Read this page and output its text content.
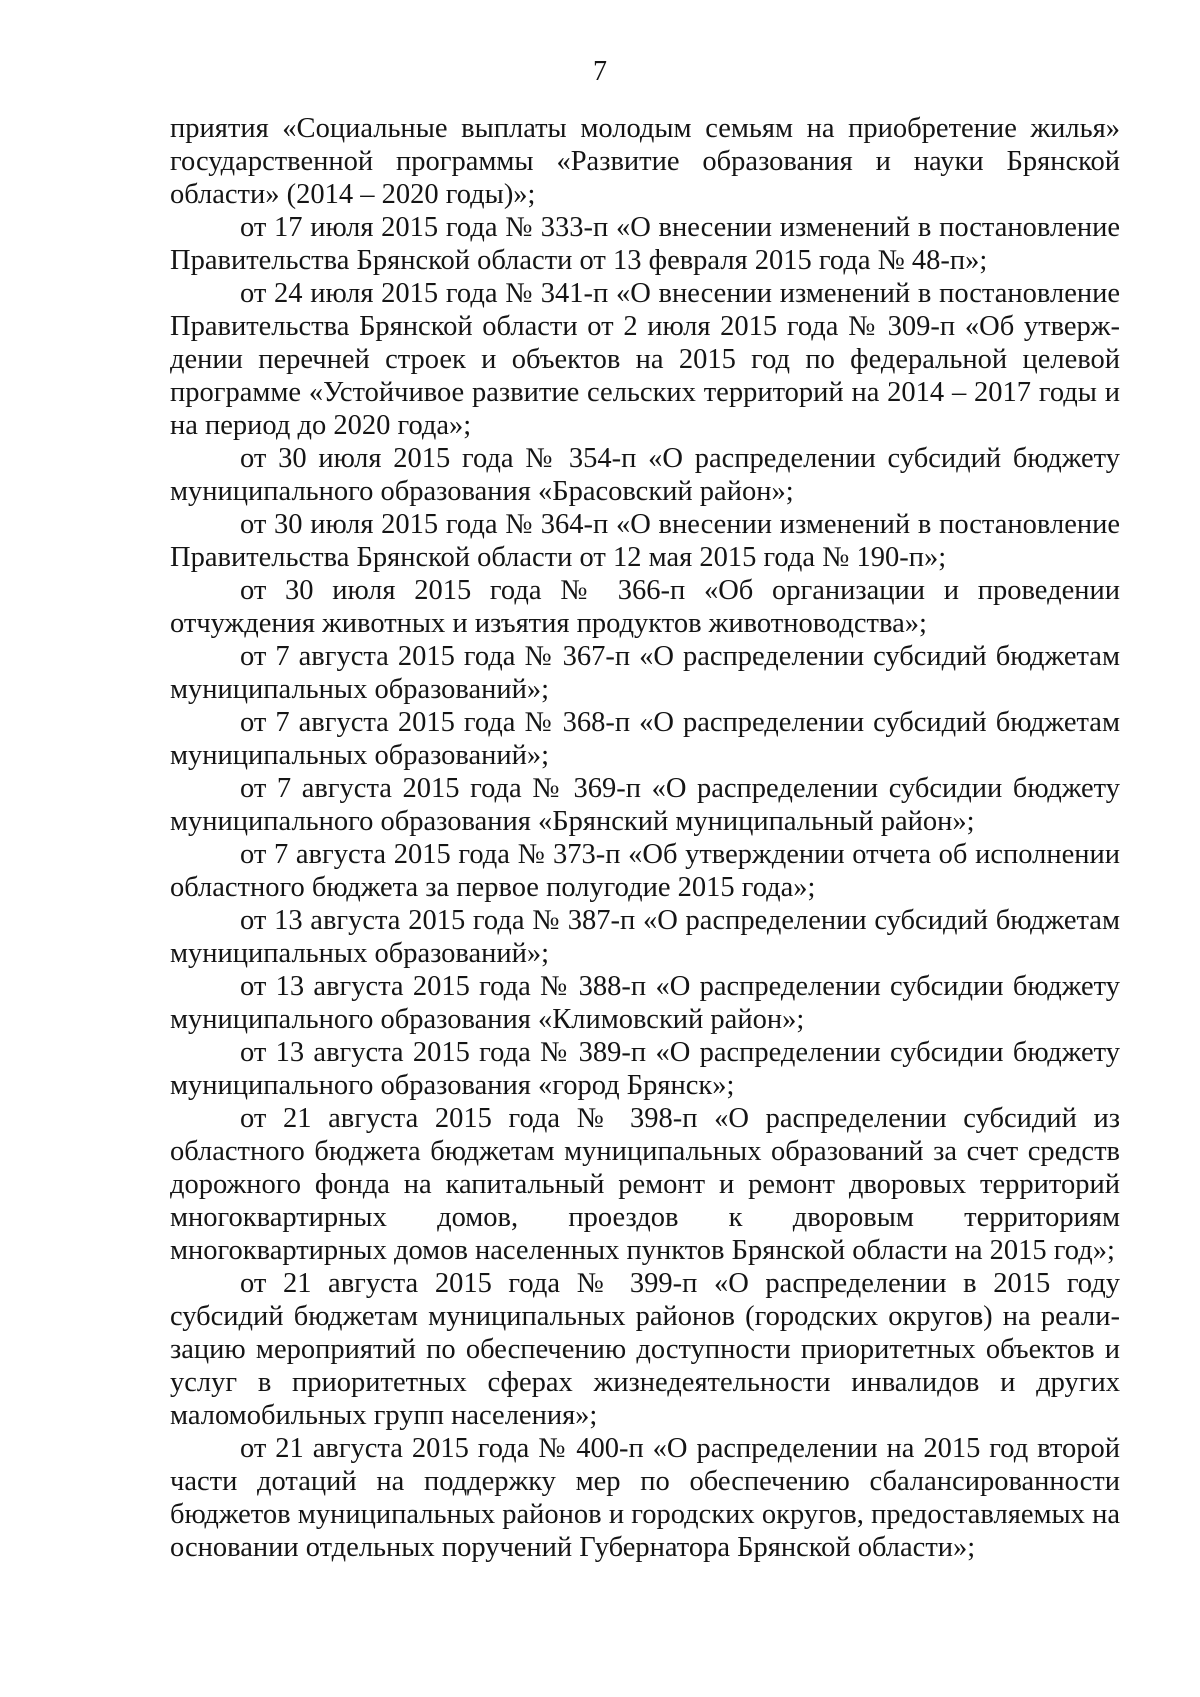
7

приятия «Социальные выплаты молодым семьям на приобретение жилья» государственной программы «Развитие образования и науки Брянской области» (2014 – 2020 годы)»;

от 17 июля 2015 года № 333-п «О внесении изменений в постановление Правительства Брянской области от 13 февраля 2015 года № 48-п»;

от 24 июля 2015 года № 341-п «О внесении изменений в постановление Правительства Брянской области от 2 июля 2015 года № 309-п «Об утверждении перечней строек и объектов на 2015 год по федеральной целевой программе «Устойчивое развитие сельских территорий на 2014 – 2017 годы и на период до 2020 года»;

от 30 июля 2015 года № 354-п «О распределении субсидий бюджету муниципального образования «Брасовский район»;

от 30 июля 2015 года № 364-п «О внесении изменений в постановление Правительства Брянской области от 12 мая 2015 года № 190-п»;

от 30 июля 2015 года № 366-п «Об организации и проведении отчуждения животных и изъятия продуктов животноводства»;

от 7 августа 2015 года № 367-п «О распределении субсидий бюджетам муниципальных образований»;

от 7 августа 2015 года № 368-п «О распределении субсидий бюджетам муниципальных образований»;

от 7 августа 2015 года № 369-п «О распределении субсидии бюджету муниципального образования «Брянский муниципальный район»;

от 7 августа 2015 года № 373-п «Об утверждении отчета об исполнении областного бюджета за первое полугодие 2015 года»;

от 13 августа 2015 года № 387-п «О распределении субсидий бюджетам муниципальных образований»;

от 13 августа 2015 года № 388-п «О распределении субсидии бюджету муниципального образования «Климовский район»;

от 13 августа 2015 года № 389-п «О распределении субсидии бюджету муниципального образования «город Брянск»;

от 21 августа 2015 года № 398-п «О распределении субсидий из областного бюджета бюджетам муниципальных образований за счет средств дорожного фонда на капитальный ремонт и ремонт дворовых территорий многоквартирных домов, проездов к дворовым территориям многоквартирных домов населенных пунктов Брянской области на 2015 год»;

от 21 августа 2015 года № 399-п «О распределении в 2015 году субсидий бюджетам муниципальных районов (городских округов) на реализацию мероприятий по обеспечению доступности приоритетных объектов и услуг в приоритетных сферах жизнедеятельности инвалидов и других маломобильных групп населения»;

от 21 августа 2015 года № 400-п «О распределении на 2015 год второй части дотаций на поддержку мер по обеспечению сбалансированности бюджетов муниципальных районов и городских округов, предоставляемых на основании отдельных поручений Губернатора Брянской области»;
